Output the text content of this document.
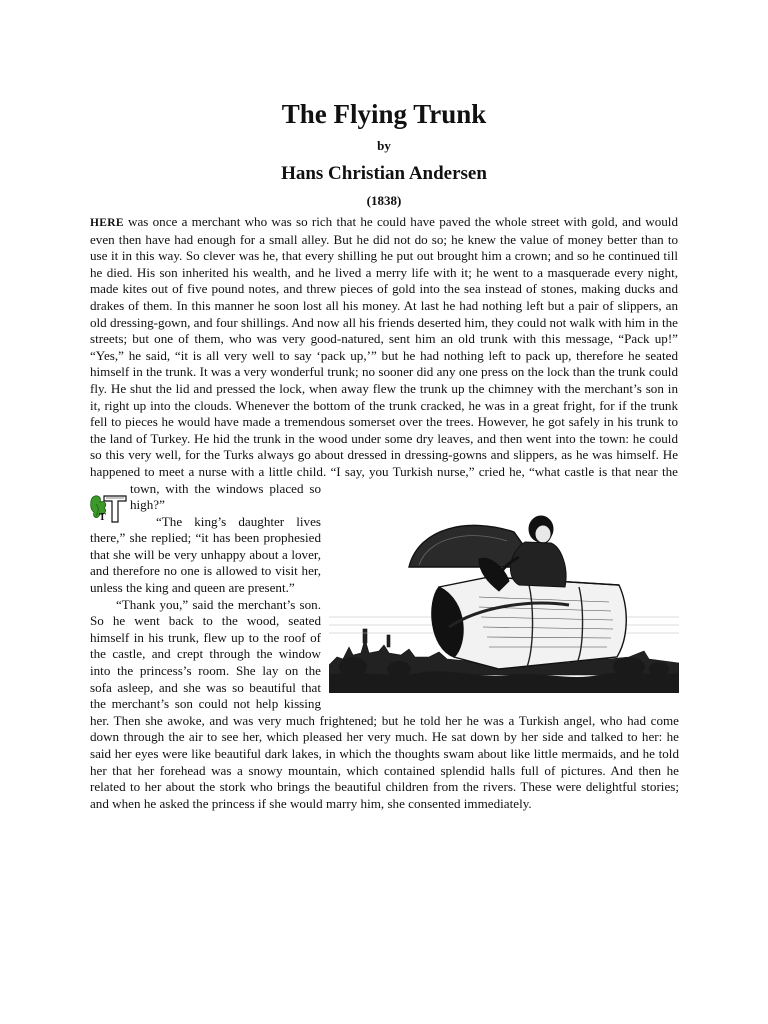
The Flying Trunk
by
Hans Christian Andersen
(1838)

T
HERE was once a merchant who was so rich that he could have paved the whole street with gold, and would even then have had enough for a small alley. But he did not do so; he knew the value of money better than to use it in this way. So clever was he, that every shilling he put out brought him a crown; and so he continued till he died. His son inherited his wealth, and he lived a merry life with it; he went to a masquerade every night, made kites out of five pound notes, and threw pieces of gold into the sea instead of stones, making ducks and drakes of them. In this manner he soon lost all his money. At last he had nothing left but a pair of slippers, an old dressing-gown, and four shillings. And now all his friends deserted him, they could not walk with him in the streets; but one of them, who was very good-natured, sent him an old trunk with this message, “Pack up!” “Yes,” he said, “it is all very well to say ‘pack up,’” but he had nothing left to pack up, therefore he seated himself in the trunk. It was a very wonderful trunk; no sooner did any one press on the lock than the trunk could fly. He shut the lid and pressed the lock, when away flew the trunk up the chimney with the merchant’s son in it, right up into the clouds. Whenever the bottom of the trunk cracked, he was in a great fright, for if the trunk fell to pieces he would have made a tremendous somerset over the trees. However, he got safely in his trunk to the land of Turkey. He hid the trunk in the wood under some dry leaves, and then went into the town: he could so this very well, for the Turks always go about dressed in dressing-gowns and slippers, as he was himself. He happened to meet a nurse with a little child. “I say, you Turkish nurse,” cried he, “what castle is that near the town, with the windows placed so high?”

“The king’s daughter lives there,” she replied; “it has been prophesied that she will be very unhappy about a lover, and therefore no one is allowed to visit her, unless the king and queen are present.”

“Thank you,” said the merchant’s son. So he went back to the wood, seated himself in his trunk, flew up to the roof of the castle, and crept through the window into the princess’s room. She lay on the sofa asleep, and she was so beautiful that the merchant’s son could not help kissing her. Then she awoke, and was very much frightened; but he told her he was a Turkish angel, who had come down through the air to see her, which pleased her very much. He sat down by her side and talked to her: he said her eyes were like beautiful dark lakes, in which the thoughts swam about like little mermaids, and he told her that her forehead was a snowy mountain, which contained splendid halls full of pictures. And then he related to her about the stork who brings the beautiful children from the rivers. These were delightful stories; and when he asked the princess if she would marry him, she consented immediately.
